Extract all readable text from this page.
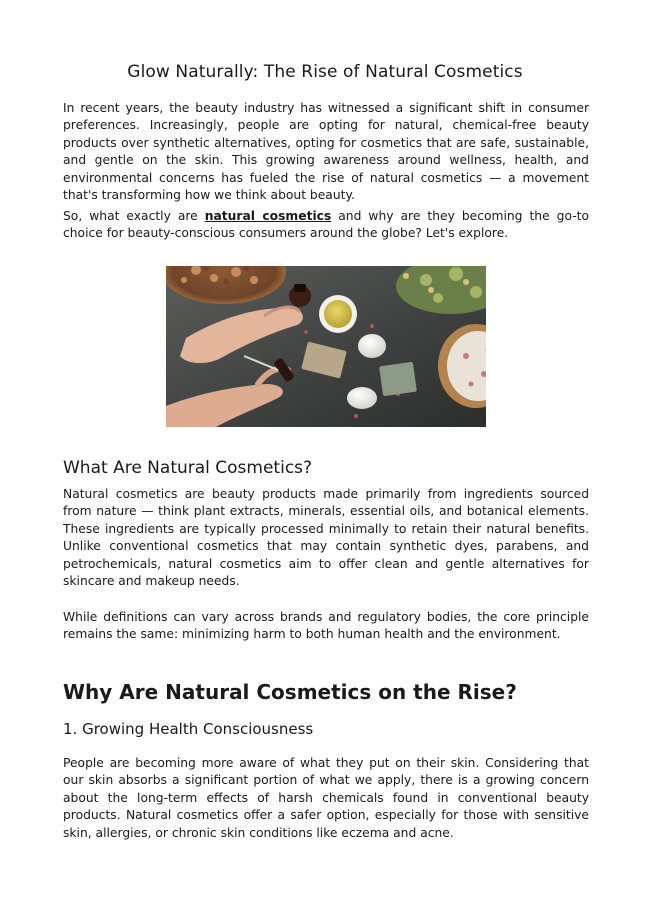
Glow Naturally: The Rise of Natural Cosmetics

In recent years, the beauty industry has witnessed a significant shift in consumer preferences. Increasingly, people are opting for natural, chemical-free beauty products over synthetic alternatives, opting for cosmetics that are safe, sustainable, and gentle on the skin. This growing awareness around wellness, health, and environmental concerns has fueled the rise of natural cosmetics — a movement that's transforming how we think about beauty.

So, what exactly are natural cosmetics and why are they becoming the go-to choice for beauty-conscious consumers around the globe? Let's explore.

What Are Natural Cosmetics?

Natural cosmetics are beauty products made primarily from ingredients sourced from nature — think plant extracts, minerals, essential oils, and botanical elements. These ingredients are typically processed minimally to retain their natural benefits. Unlike conventional cosmetics that may contain synthetic dyes, parabens, and petrochemicals, natural cosmetics aim to offer clean and gentle alternatives for skincare and makeup needs.

While definitions can vary across brands and regulatory bodies, the core principle remains the same: minimizing harm to both human health and the environment.

Why Are Natural Cosmetics on the Rise?
1. Growing Health Consciousness

People are becoming more aware of what they put on their skin. Considering that our skin absorbs a significant portion of what we apply, there is a growing concern about the long-term effects of harsh chemicals found in conventional beauty products. Natural cosmetics offer a safer option, especially for those with sensitive skin, allergies, or chronic skin conditions like eczema and acne.
